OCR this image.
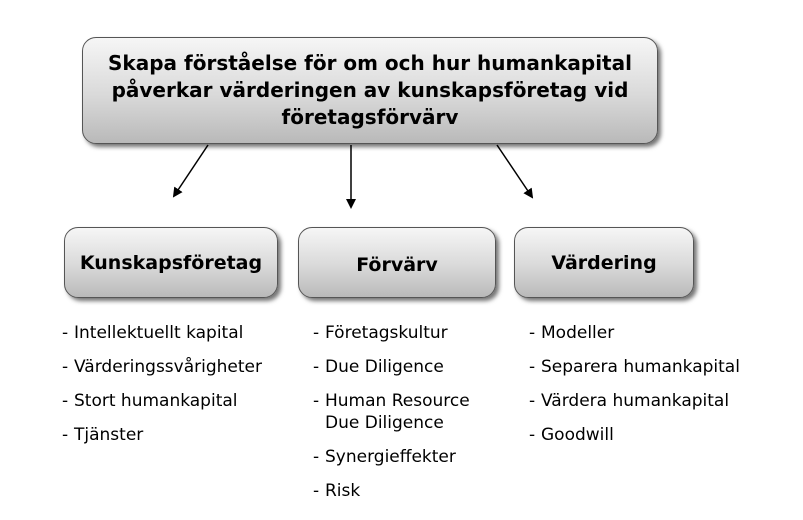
Skapa förståelse för om och hur humankapital
påverkar värderingen av kunskapsföretag vid
företagsförvärv
Kunskapsföretag	Förvärv	Värdering
- Intellektuellt kapital
- Värderingssvårigheter
- Stort humankapital
- Tjänster
- Företagskultur
- Due Diligence
- Human Resource
Due Diligence
- Synergieffekter
- Risk
- Modeller
- Separera humankapital
- Värdera humankapital
- Goodwill
